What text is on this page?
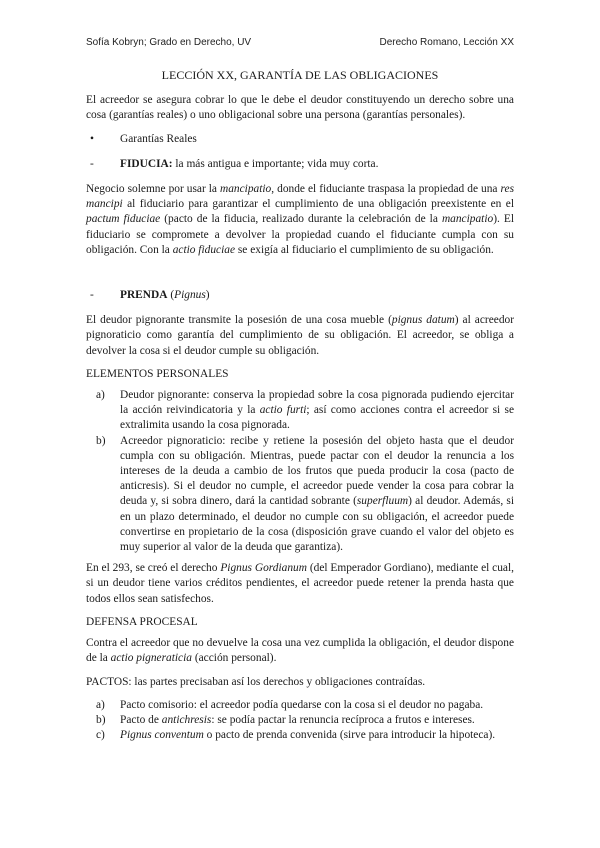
Sofía Kobryn; Grado en Derecho, UV	Derecho Romano, Lección XX

LECCIÓN XX, GARANTÍA DE LAS OBLIGACIONES

El acreedor se asegura cobrar lo que le debe el deudor constituyendo un derecho sobre una cosa (garantías reales) o uno obligacional sobre una persona (garantías personales).

• Garantías Reales
- FIDUCIA: la más antigua e importante; vida muy corta.

Negocio solemne por usar la mancipatio, donde el fiduciante traspasa la propiedad de una res mancipi al fiduciario para garantizar el cumplimiento de una obligación preexistente en el pactum fiduciae (pacto de la fiducia, realizado durante la celebración de la mancipatio). El fiduciario se compromete a devolver la propiedad cuando el fiduciante cumpla con su obligación. Con la actio fiduciae se exigía al fiduciario el cumplimiento de su obligación.

- PRENDA (Pignus)

El deudor pignorante transmite la posesión de una cosa mueble (pignus datum) al acreedor pignoraticio como garantía del cumplimiento de su obligación. El acreedor, se obliga a devolver la cosa si el deudor cumple su obligación.

ELEMENTOS PERSONALES

a) Deudor pignorante: conserva la propiedad sobre la cosa pignorada pudiendo ejercitar la acción reivindicatoria y la actio furti; así como acciones contra el acreedor si se extralimita usando la cosa pignorada.
b) Acreedor pignoraticio: recibe y retiene la posesión del objeto hasta que el deudor cumpla con su obligación. Mientras, puede pactar con el deudor la renuncia a los intereses de la deuda a cambio de los frutos que pueda producir la cosa (pacto de anticresis). Si el deudor no cumple, el acreedor puede vender la cosa para cobrar la deuda y, si sobra dinero, dará la cantidad sobrante (superfluum) al deudor. Además, si en un plazo determinado, el deudor no cumple con su obligación, el acreedor puede convertirse en propietario de la cosa (disposición grave cuando el valor del objeto es muy superior al valor de la deuda que garantiza).

En el 293, se creó el derecho Pignus Gordianum (del Emperador Gordiano), mediante el cual, si un deudor tiene varios créditos pendientes, el acreedor puede retener la prenda hasta que todos ellos sean satisfechos.

DEFENSA PROCESAL

Contra el acreedor que no devuelve la cosa una vez cumplida la obligación, el deudor dispone de la actio pigneraticia (acción personal).

PACTOS: las partes precisaban así los derechos y obligaciones contraídas.

a) Pacto comisorio: el acreedor podía quedarse con la cosa si el deudor no pagaba.
b) Pacto de antichresis: se podía pactar la renuncia recíproca a frutos e intereses.
c) Pignus conventum o pacto de prenda convenida (sirve para introducir la hipoteca).
